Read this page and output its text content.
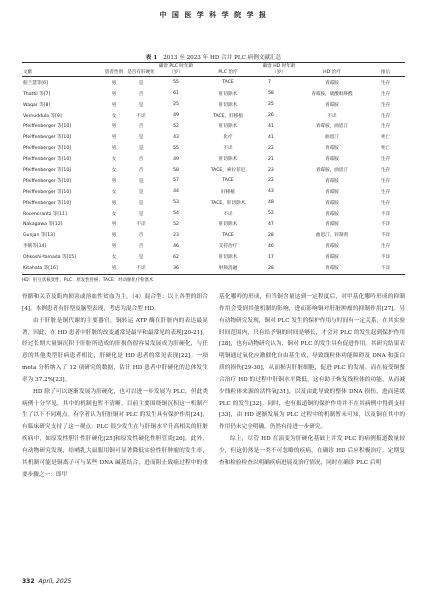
中 国 医 学 科 学 院 学 报
表 1 2013 至 2023 年 HD 合并 PLC 病例文献汇总
文献	患者性别	是否有肝硬化	确诊 PLC 时年龄（岁）	PLC 治疗	确诊 HD 时年龄（岁）	HD 治疗	预后
佃兰慧等[6]	男	是	55	TACE	7	青霉胺	生存
Thattil 等[7]	男	否	61	肝切除术	58	青霉胺，硫酸吡哆醛	生存
Waqar 等[8]	男	是	25	肝切除术	25	青霉胺	生存
Vernuddula 等[9]	女	不详	49	TACE，肝移植	26	不详	生存
Pfeiffenberger 等[10]	男	否	52	肝切除术	41	青霉胺，曲恩汀	生存
Pfeiffenberger 等[10]	男	是	43	化疗	41	曲恩汀	死亡
Pfeiffenberger 等[10]	男	是	55	不详	22	青霉胺	死亡
Pfeiffenberger 等[10]	女	否	49	肝切除术	21	青霉胺	生存
Pfeiffenberger 等[10]	女	否	58	TACE，索拉菲尼	23	青霉胺，曲恩汀	生存
Pfeiffenberger 等[10]	男	是	57	TACE	22	青霉胺	生存
Pfeiffenberger 等[10]	女	是	44	肝移植	43	青霉胺	生存
Pfeiffenberger 等[10]	男	是	53	TACE，肝切除术	48	青霉胺	生存
Rosencrantz 等[11]	女	是	54	不详	52	青霉胺	不详
Nakagawa 等[12]	男	不详	52	肝切除术	47	青霉胺	不详
Gunjan 等[13]	男	否	23	TACE	28	曲恩汀，锌制剂	不详
李鹤等[14]	男	否	46	支持治疗	46	青霉胺	生存
Ohkoshi-Yamada 等[15]	女	是	62	肝切除术	17	青霉胺	不详
Kitahata 等[16]	男	不详	36	射频消融	28	青霉胺	不详
HD：肝豆状核变性；PLC：原发性肝癌；TACE：经动脉化疗栓塞术

骨骼和关节及肌肉损害或溶血性贫血为主。（4）混合型：以上各型的组合[4]。本例患者有肝型及脑型表现，考虑为混合型 HD。

由于肝脏是铜代谢的主要器官，铜转运 ATP 酶在肝脏内的表达最显著，因此，在 HD 患者中肝脏的改变通常是最早和最常见的表现[20-21]。经过长期大量铜沉积于肝脏所造成的肝损伤很容易发展成为肝硬化，与任意的其他类型肝病患者相比，肝硬化是 HD 患者的常见表现[22]。一项 meta 分析纳入了 12 项研究的数据，估计 HD 患者中肝硬化的总体发生率为 37.2%[23]。

HD 除了可以逐渐发展为肝硬化，也可以进一步发展为 PLC，但此类病例十分罕见，其中的机制也暂不清晰。目前主要围绕铜沉积这一机制产生了以下不同观点。有学者认为肝脏铜对 PLC 的发生具有保护作用[24]，有临床研究支持了这一观点：PLC 很少发生在与肝铜水平升高相关的肝脏疾病中，如原发性胆汁性肝硬化[25]和原发性硬化性胆管炎[26]。此外，有动物研究发现，给哺乳大鼠服用铜可显著降低实验性肝肿瘤的发生率，其机制可能是铜离子可与某些 DNA 碱基结合，进而阻止致癌过程中的重要步骤之一：即甲

基化哪吟的形成，但当铜含量达到一定程度后，对甲基化哪吟形成的抑制作用会受到其他机制的影响，进而影响铜对肝脏肿瘤的抑制作用[27]。另有动物研究发现，铜对 PLC 发生的保护作用与时间有一定关系，在其实验时间范围内，只有给予铜的时间是够长，才会对 PLC 的发生起到保护作用[28]，也有动物研究认为，铜对 PLC 的发生具有促进作用。其研究结果表明铜通过氧化应激催化自由基生成，导致线粒体功能障碍及 DNA 和蛋白质的损伤[29-30]，从而损害肝脏细胞，促进 PLC 的发展。而在接受铜螯合治疗 HD 的过程中肝铜水平降低，这有助于恢复线粒体的功能，从而减少线粒体来源的活性氧[31]，以及由此导致的整体 DNA 损伤，进而延缓 PLC 的发生[32]。同时，也有报道铜的保护作用并不在其病例中得到支持[33]，由 HD 逐渐发展为 PLC 过程中的机制暂未可知，以及铜在其中的作用仍未完全明确，仍然有待进一步研究。

综上，尽管 HD 在演变为肝硬化基础上并发 PLC 的病例报道数量较少，但这仍然是一类不可忽略的疾病，在确诊 HD 后应积极治疗，定期复查和检验检查以明确疾病进展及治疗情况，同时在确诊 PLC 后明

332 April, 2025
